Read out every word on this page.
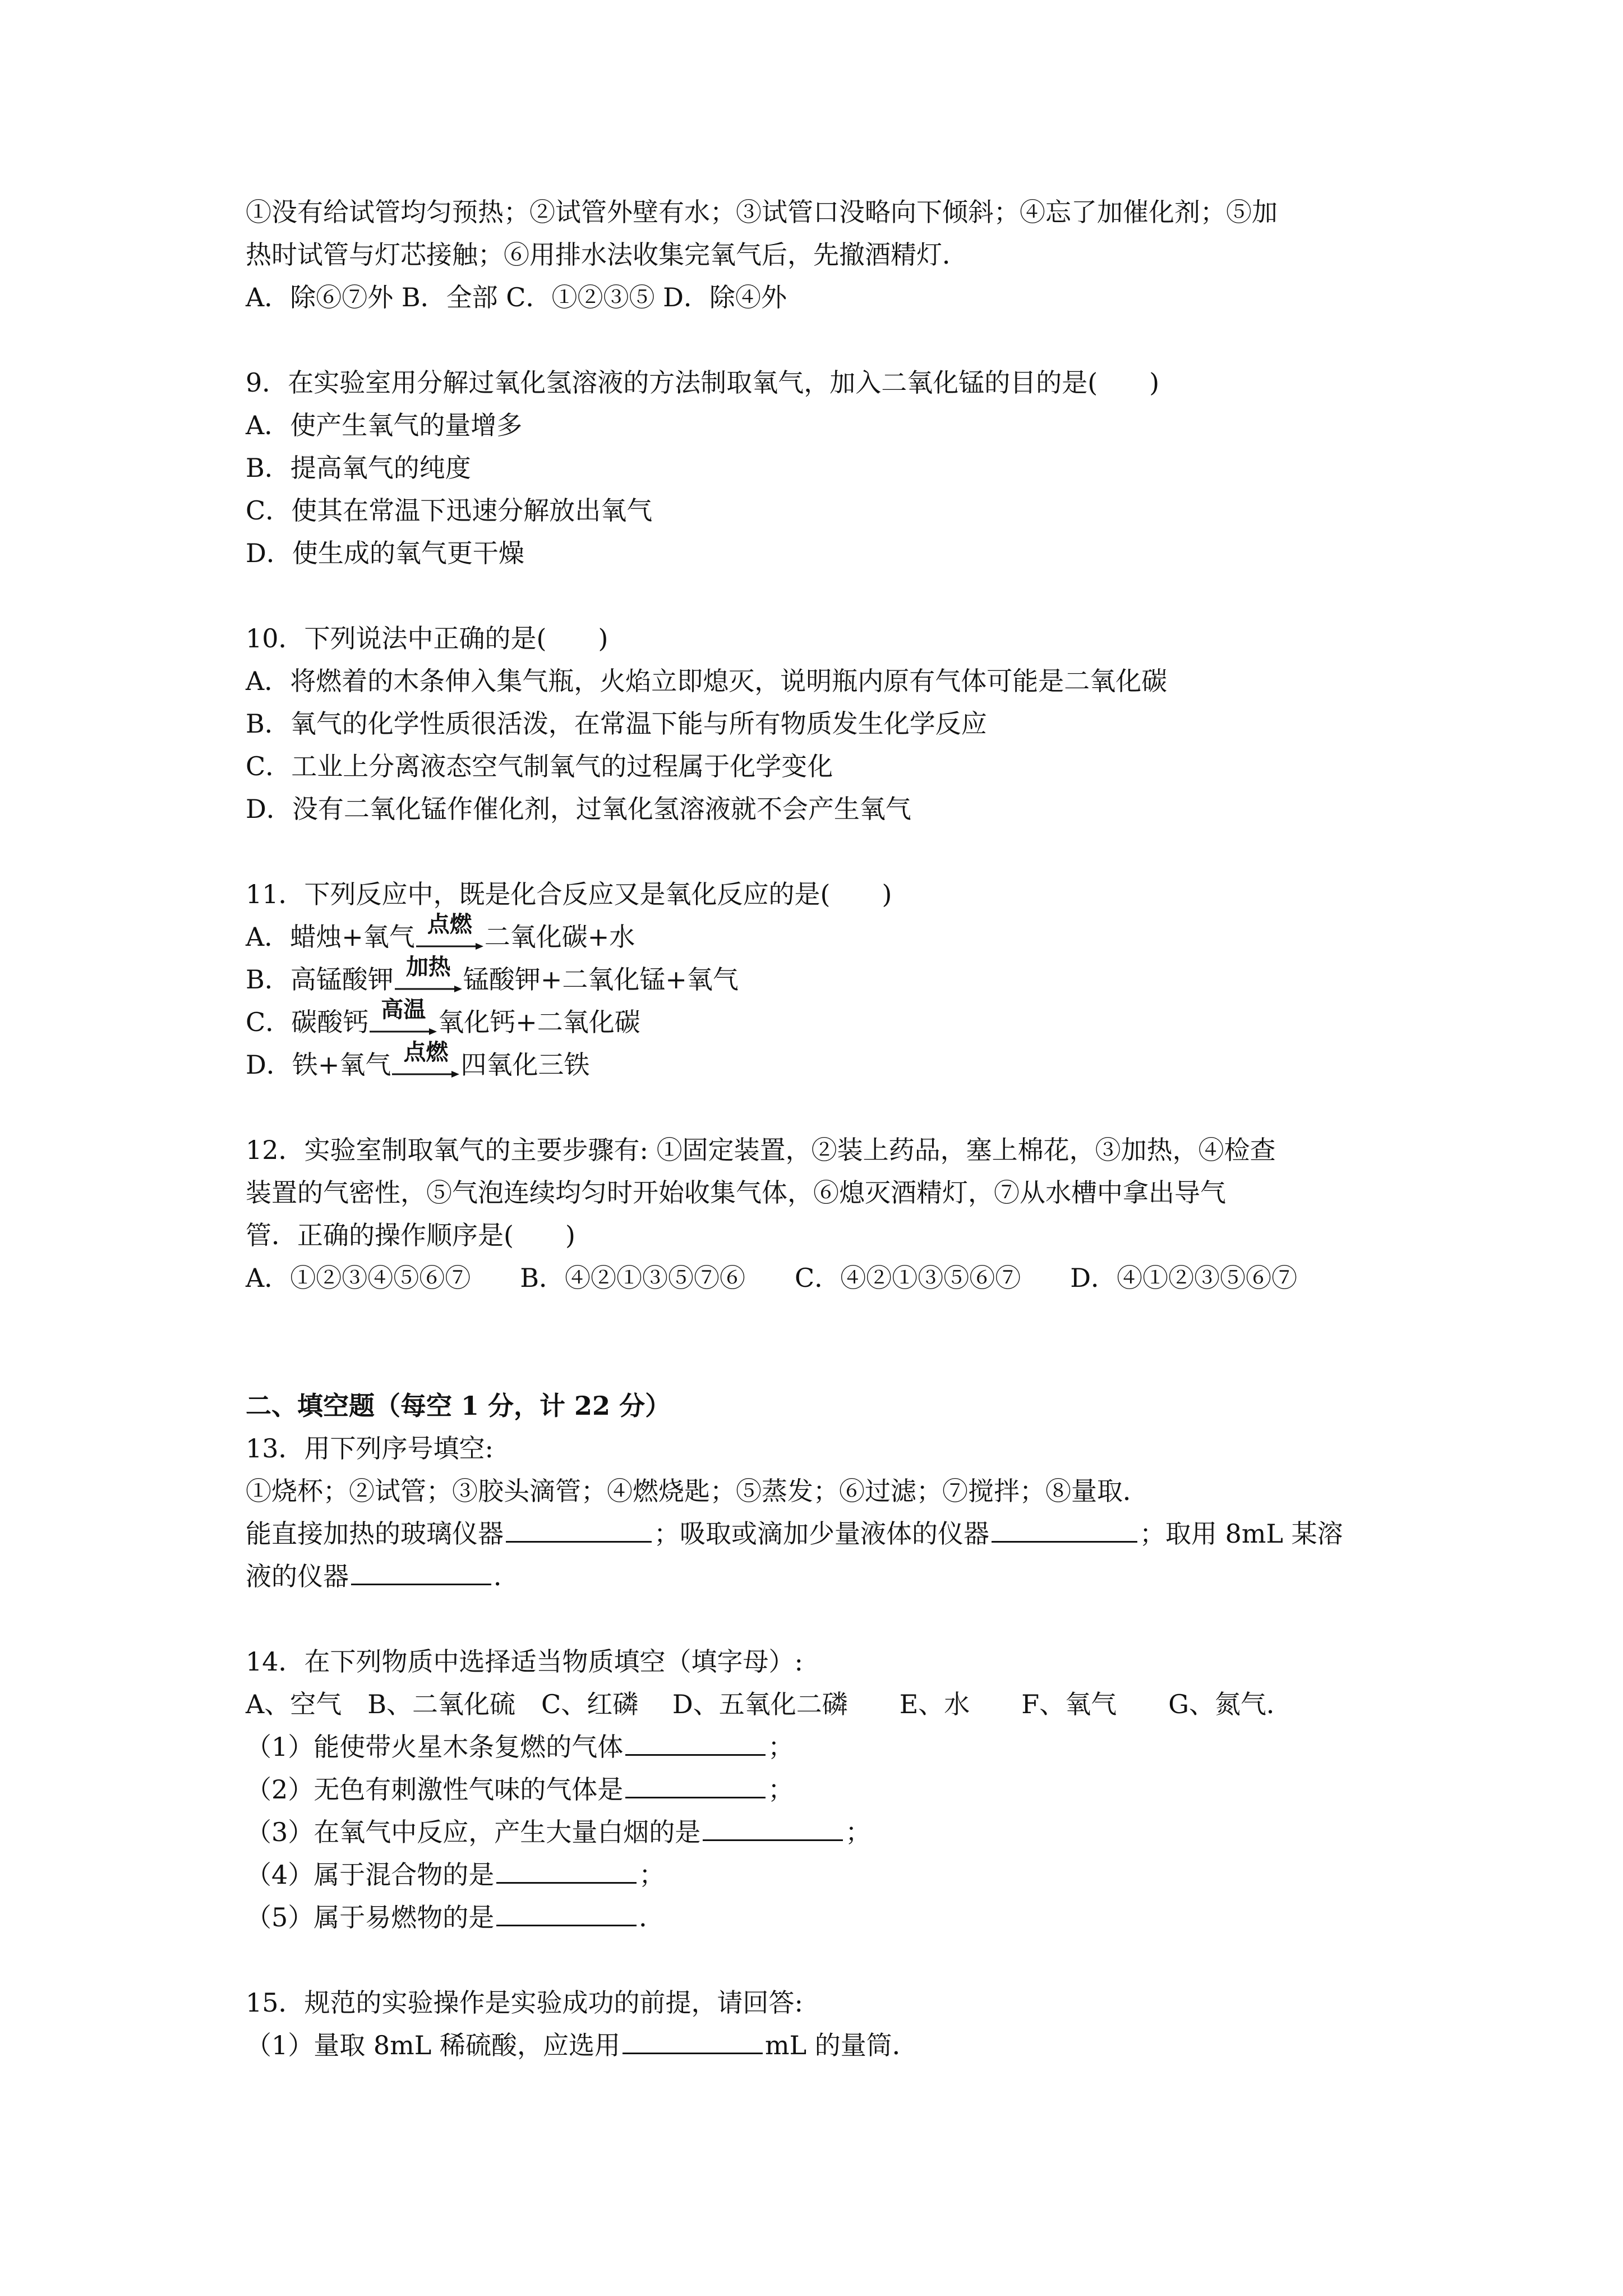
①没有给试管均匀预热；②试管外壁有水；③试管口没略向下倾斜；④忘了加催化剂；⑤加
热时试管与灯芯接触；⑥用排水法收集完氧气后，先撤酒精灯．
A．除⑥⑦外 B．全部 C．①②③⑤ D．除④外
9．在实验室用分解过氧化氢溶液的方法制取氧气，加入二氧化锰的目的是(　　)
A．使产生氧气的量增多
B．提高氧气的纯度
C．使其在常温下迅速分解放出氧气
D．使生成的氧气更干燥
10．下列说法中正确的是(　　)
A．将燃着的木条伸入集气瓶，火焰立即熄灭，说明瓶内原有气体可能是二氧化碳
B．氧气的化学性质很活泼，在常温下能与所有物质发生化学反应
C．工业上分离液态空气制氧气的过程属于化学变化
D．没有二氧化锰作催化剂，过氧化氢溶液就不会产生氧气
11．下列反应中，既是化合反应又是氧化反应的是(　　)
A．蜡烛+氧气 点燃 二氧化碳+水
B．高锰酸钾 加热 锰酸钾+二氧化锰+氧气
C．碳酸钙 高温 氧化钙+二氧化碳
D．铁+氧气 点燃 四氧化三铁
12．实验室制取氧气的主要步骤有: ①固定装置，②装上药品，塞上棉花，③加热，④检查
装置的气密性，⑤气泡连续均匀时开始收集气体，⑥熄灭酒精灯，⑦从水槽中拿出导气
管．正确的操作顺序是(　　)
A．①②③④⑤⑥⑦ B．④②①③⑤⑦⑥ C．④②①③⑤⑥⑦ D．④①②③⑤⑥⑦
二、填空题（每空 1 分，计 22 分）
13．用下列序号填空:
①烧杯；②试管；③胶头滴管；④燃烧匙；⑤蒸发；⑥过滤；⑦搅拌；⑧量取．
能直接加热的玻璃仪器	；吸取或滴加少量液体的仪器	；取用 8mL 某溶
液的仪器	．
14．在下列物质中选择适当物质填空（填字母）:
A、空气　B、二氧化硫　C、红磷　 D、五氧化二磷　　E、水　　F、氧气　　G、氮气．
（1）能使带火星木条复燃的气体	；
（2）无色有刺激性气味的气体是	；
（3）在氧气中反应，产生大量白烟的是	；
（4）属于混合物的是	；
（5）属于易燃物的是	．
15．规范的实验操作是实验成功的前提，请回答:
（1）量取 8mL 稀硫酸，应选用	mL 的量筒．
